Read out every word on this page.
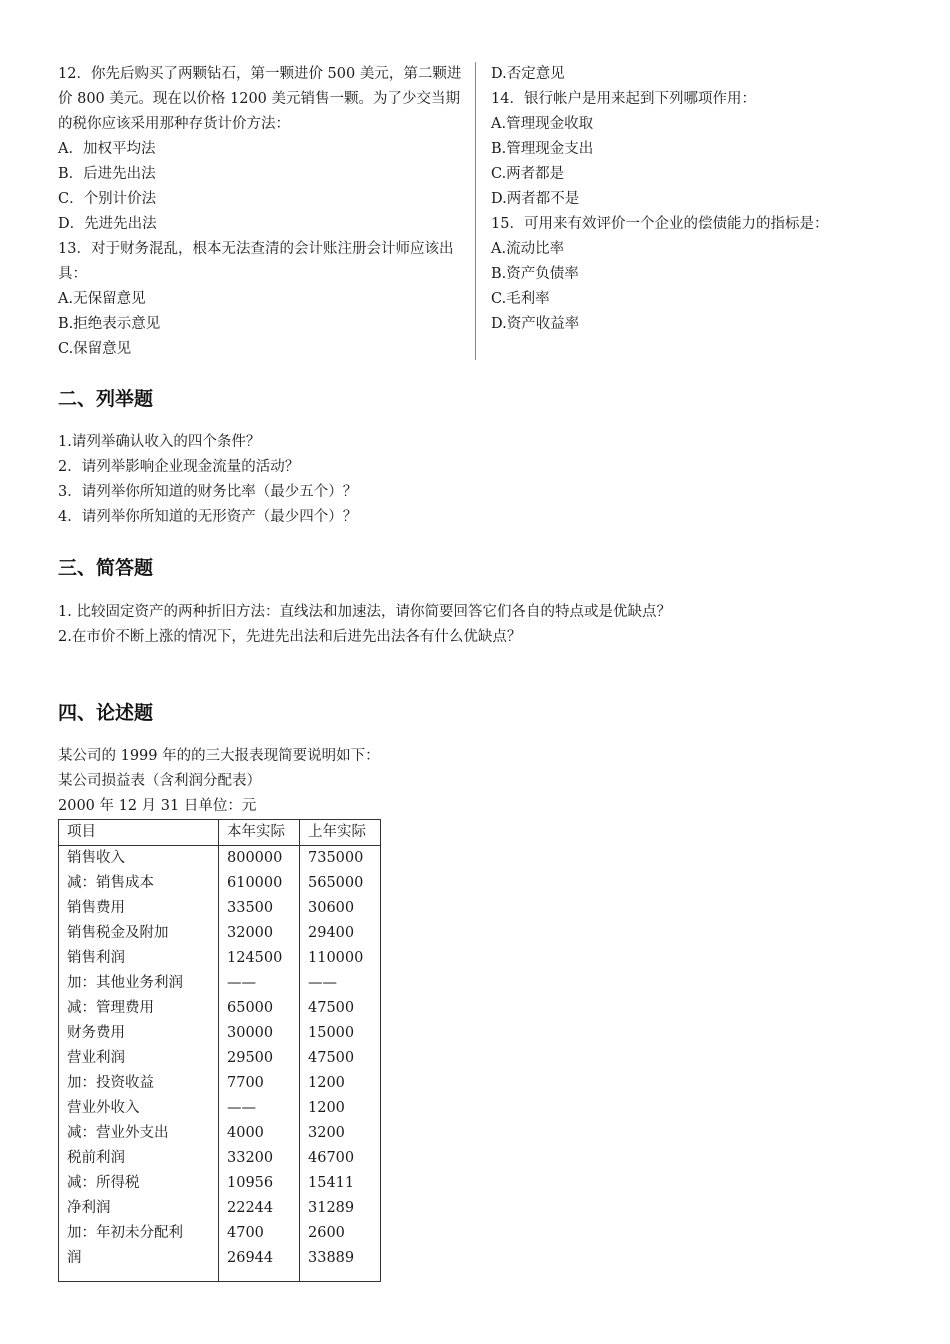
12．你先后购买了两颗钻石，第一颗进价 500 美元，第二颗进价 800 美元。现在以价格 1200 美元销售一颗。为了少交当期的税你应该采用那种存货计价方法：

A．加权平均法

B．后进先出法

C．个别计价法

D．先进先出法

13．对于财务混乱，根本无法查清的会计账注册会计师应该出具：

A.无保留意见

B.拒绝表示意见

C.保留意见

D.否定意见

14．银行帐户是用来起到下列哪项作用：

A.管理现金收取

B.管理现金支出

C.两者都是

D.两者都不是

15．可用来有效评价一个企业的偿债能力的指标是：

A.流动比率

B.资产负债率

C.毛利率

D.资产收益率

二、列举题

1.请列举确认收入的四个条件？

2．请列举影响企业现金流量的活动？

3．请列举你所知道的财务比率（最少五个）？

4．请列举你所知道的无形资产（最少四个）？

三、简答题

1. 比较固定资产的两种折旧方法：直线法和加速法，请你简要回答它们各自的特点或是优缺点？

2.在市价不断上涨的情况下，先进先出法和后进先出法各有什么优缺点？

四、论述题

某公司的 1999 年的的三大报表现简要说明如下：

某公司损益表（含利润分配表）

2000 年 12 月 31 日单位：元

项目	本年实际	上年实际
销售收入	800000	735000
减：销售成本	610000	565000
销售费用	33500	30600
销售税金及附加	32000	29400
销售利润	124500	110000
加：其他业务利润	——	——
减：管理费用	65000	47500
财务费用	30000	15000
营业利润	29500	47500
加：投资收益	7700	1200
营业外收入	——	1200
减：营业外支出	4000	3200
税前利润	33200	46700
减：所得税	10956	15411
净利润	22244	31289
加：年初未分配利	4700	2600
润	26944	33889
